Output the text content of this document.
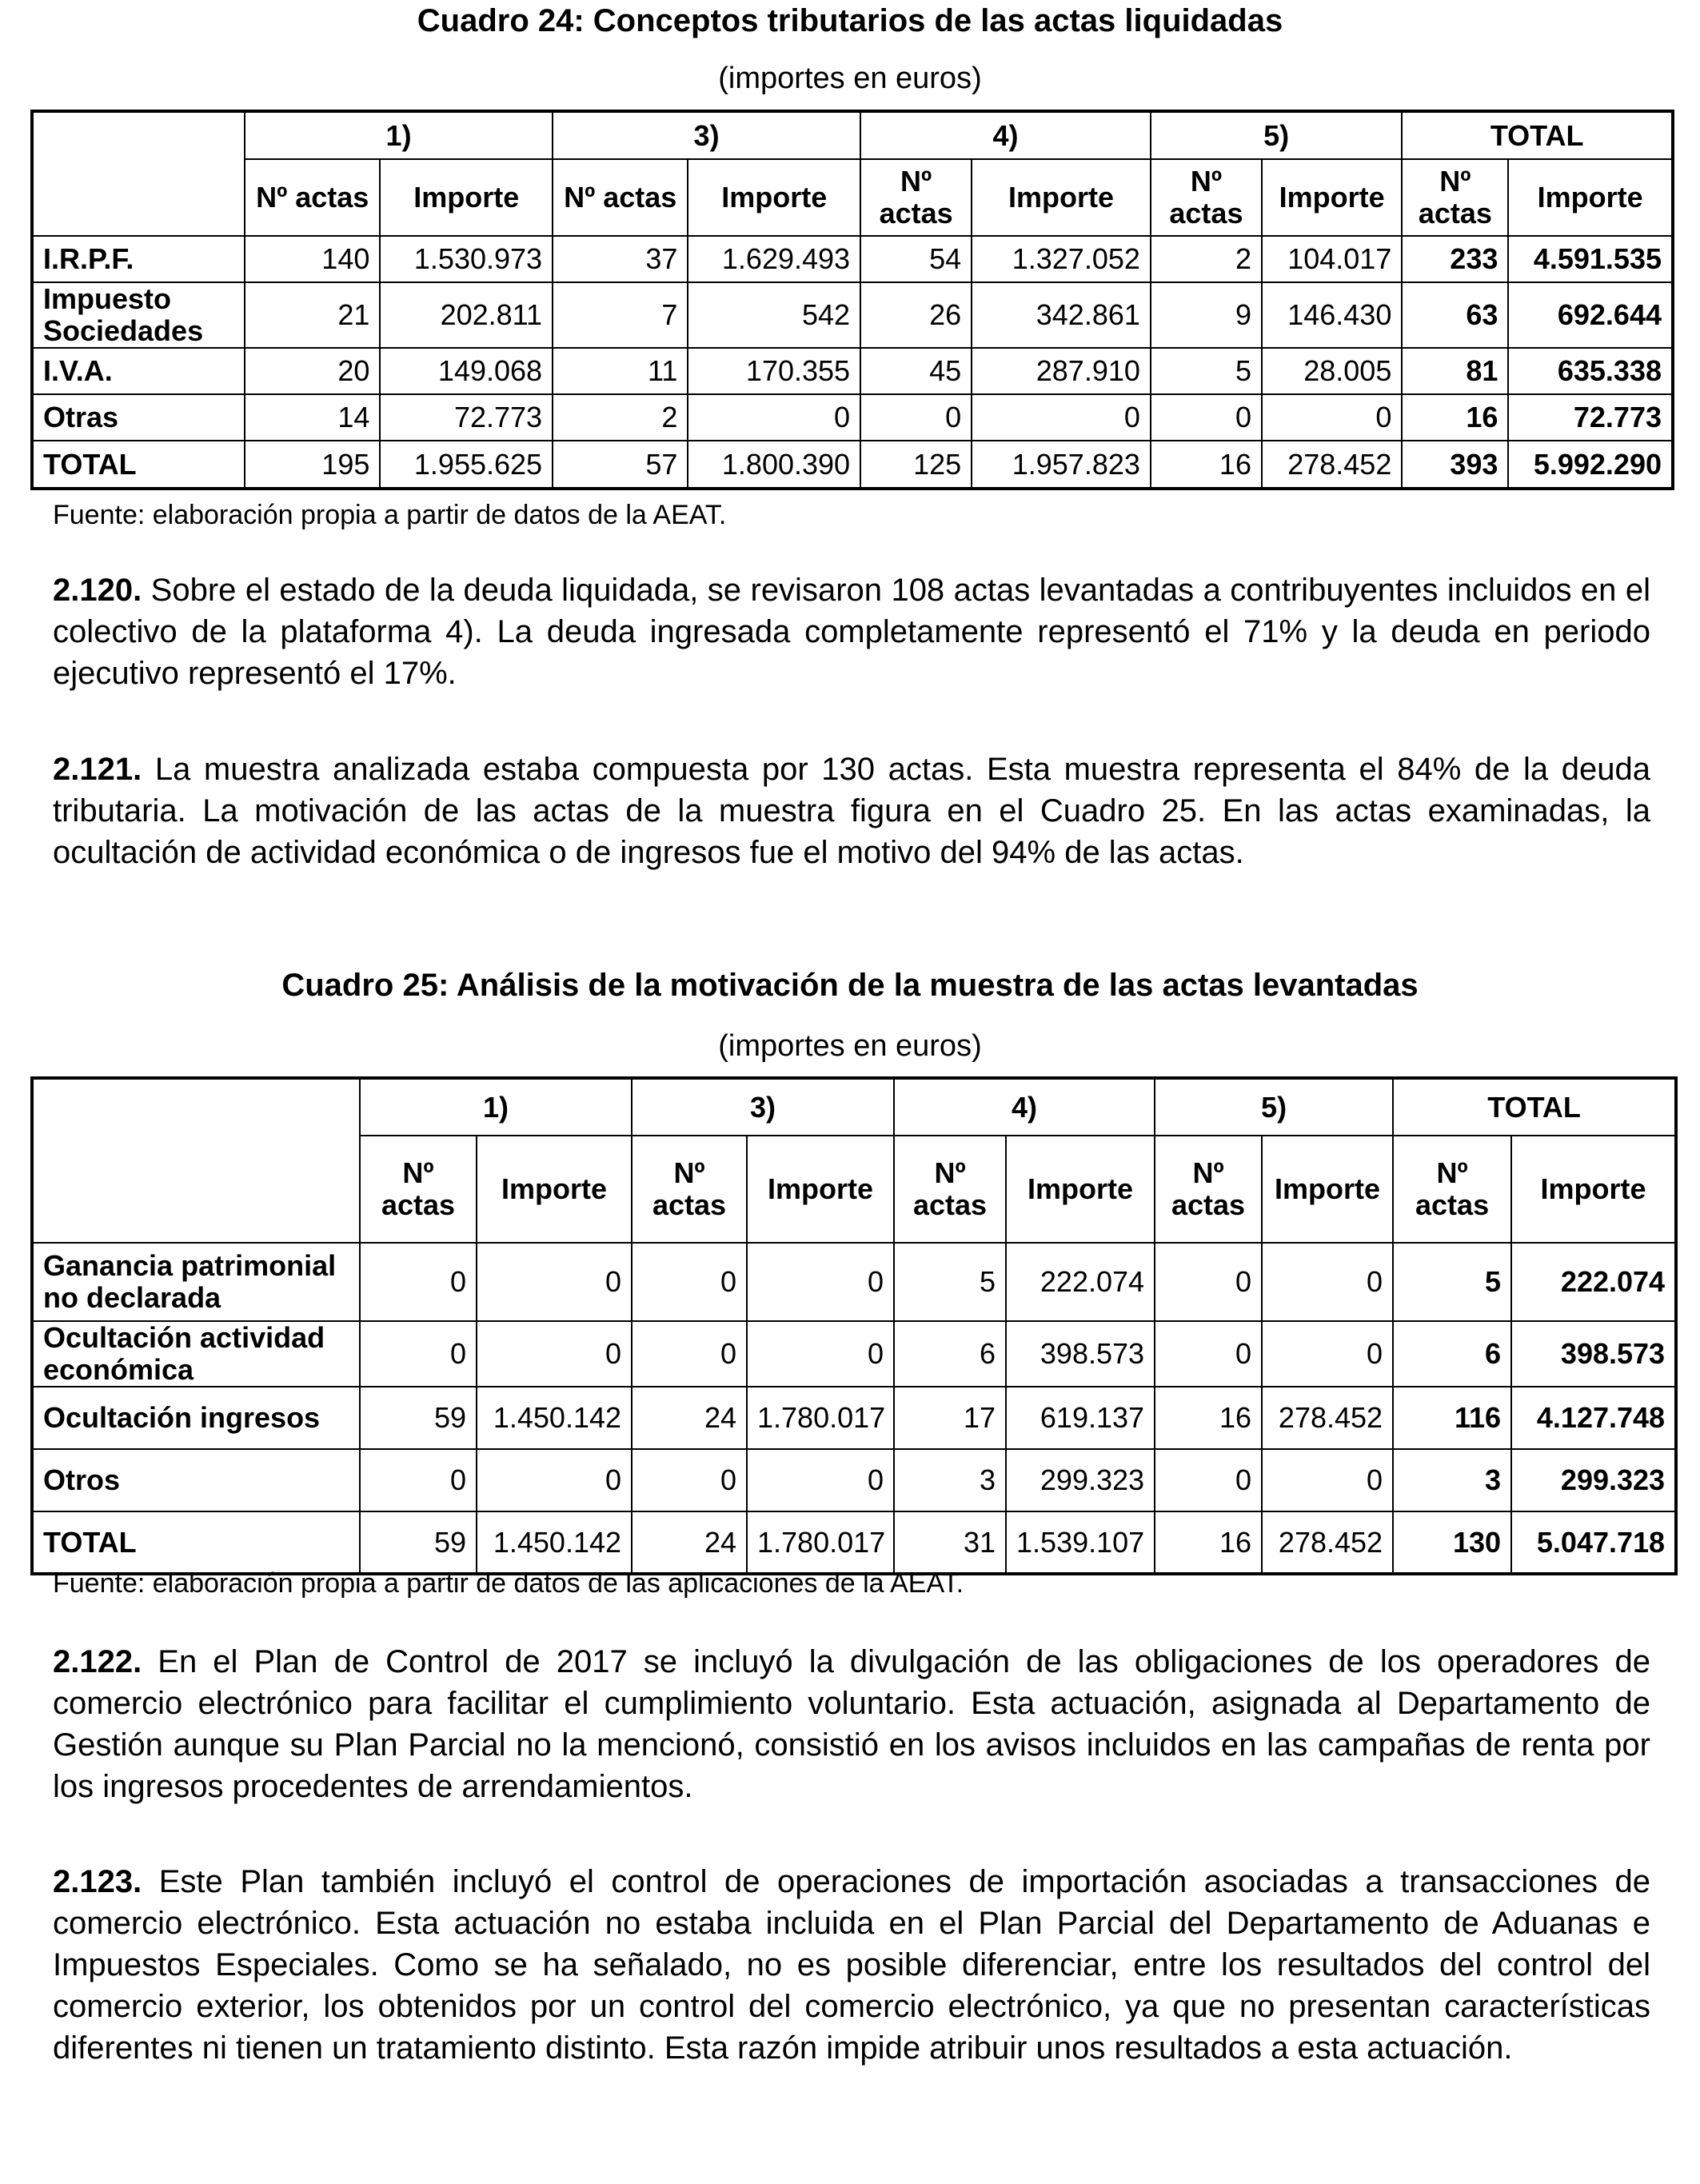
Cuadro 24: Conceptos tributarios de las actas liquidadas
(importes en euros)
	1)		3)		4)		5)		TOTAL	
	Nº actas	Importe	Nº actas	Importe	Nº actas	Importe	Nº actas	Importe	Nº actas	Importe
I.R.P.F.	140	1.530.973	37	1.629.493	54	1.327.052	2	104.017	233	4.591.535
Impuesto Sociedades	21	202.811	7	542	26	342.861	9	146.430	63	692.644
I.V.A.	20	149.068	11	170.355	45	287.910	5	28.005	81	635.338
Otras	14	72.773	2	0	0	0	0	0	16	72.773
TOTAL	195	1.955.625	57	1.800.390	125	1.957.823	16	278.452	393	5.992.290
Fuente: elaboración propia a partir de datos de la AEAT.
2.120. Sobre el estado de la deuda liquidada, se revisaron 108 actas levantadas a contribuyentes incluidos en el colectivo de la plataforma 4). La deuda ingresada completamente representó el 71% y la deuda en periodo ejecutivo representó el 17%.
2.121. La muestra analizada estaba compuesta por 130 actas. Esta muestra representa el 84% de la deuda tributaria. La motivación de las actas de la muestra figura en el Cuadro 25. En las actas examinadas, la ocultación de actividad económica o de ingresos fue el motivo del 94% de las actas.
Cuadro 25: Análisis de la motivación de la muestra de las actas levantadas
(importes en euros)
	1)		3)		4)		5)		TOTAL	
	Nº actas	Importe	Nº actas	Importe	Nº actas	Importe	Nº actas	Importe	Nº actas	Importe
Ganancia patrimonial no declarada	0	0	0	0	5	222.074	0	0	5	222.074
Ocultación actividad económica	0	0	0	0	6	398.573	0	0	6	398.573
Ocultación ingresos	59	1.450.142	24	1.780.017	17	619.137	16	278.452	116	4.127.748
Otros	0	0	0	0	3	299.323	0	0	3	299.323
TOTAL	59	1.450.142	24	1.780.017	31	1.539.107	16	278.452	130	5.047.718
Fuente: elaboración propia a partir de datos de las aplicaciones de la AEAT.
2.122. En el Plan de Control de 2017 se incluyó la divulgación de las obligaciones de los operadores de comercio electrónico para facilitar el cumplimiento voluntario. Esta actuación, asignada al Departamento de Gestión aunque su Plan Parcial no la mencionó, consistió en los avisos incluidos en las campañas de renta por los ingresos procedentes de arrendamientos.
2.123. Este Plan también incluyó el control de operaciones de importación asociadas a transacciones de comercio electrónico. Esta actuación no estaba incluida en el Plan Parcial del Departamento de Aduanas e Impuestos Especiales. Como se ha señalado, no es posible diferenciar, entre los resultados del control del comercio exterior, los obtenidos por un control del comercio electrónico, ya que no presentan características diferentes ni tienen un tratamiento distinto. Esta razón impide atribuir unos resultados a esta actuación.
